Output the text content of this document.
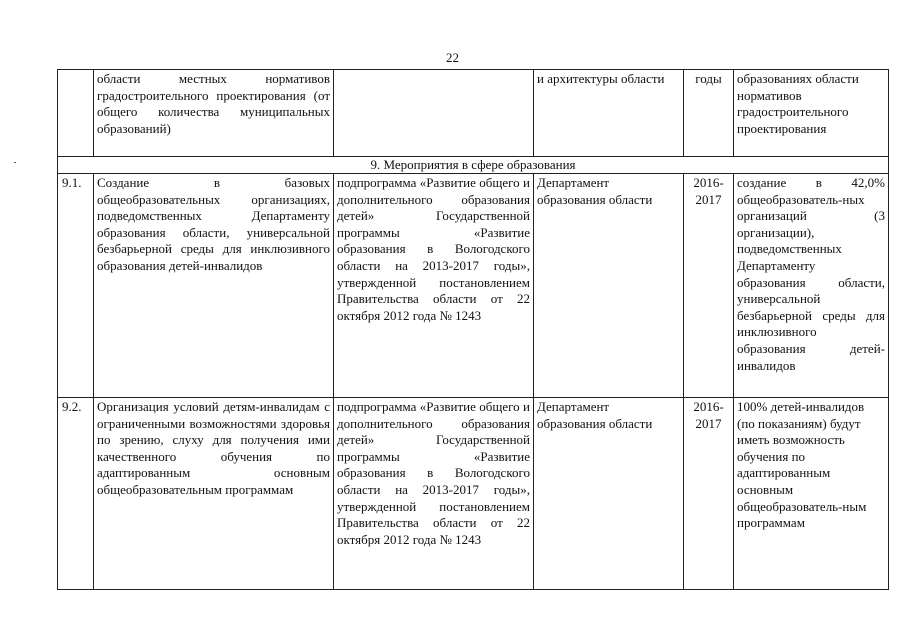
22
	области местных нормативов градостроительного проектирования (от общего количества муниципальных образований)		и архитектуры области	годы	образованиях области нормативов градостроительного проектирования
9. Мероприятия в сфере образования					
9.1.	Создание в базовых общеобразовательных организациях, подведомственных Департаменту образования области, универсальной безбарьерной среды для инклюзивного образования детей-инвалидов	подпрограмма «Развитие общего и дополнительного образования детей» Государственной программы «Развитие образования в Вологодского области на 2013-2017 годы», утвержденной постановлением Правительства области от 22 октября 2012 года № 1243	Департамент образования области	2016-2017	создание в 42,0% общеобразователь-ных организаций (3 организации), подведомственных Департаменту образования области, универсальной безбарьерной среды для инклюзивного образования детей-инвалидов
9.2.	Организация условий детям-инвалидам с ограниченными возможностями здоровья по зрению, слуху для получения ими качественного обучения по адаптированным основным общеобразовательным программам	подпрограмма «Развитие общего и дополнительного образования детей» Государственной программы «Развитие образования в Вологодского области на 2013-2017 годы», утвержденной постановлением Правительства области от 22 октября 2012 года № 1243	Департамент образования области	2016-2017	100% детей-инвалидов (по показаниям) будут иметь возможность обучения по адаптированным основным общеобразователь-ным программам
